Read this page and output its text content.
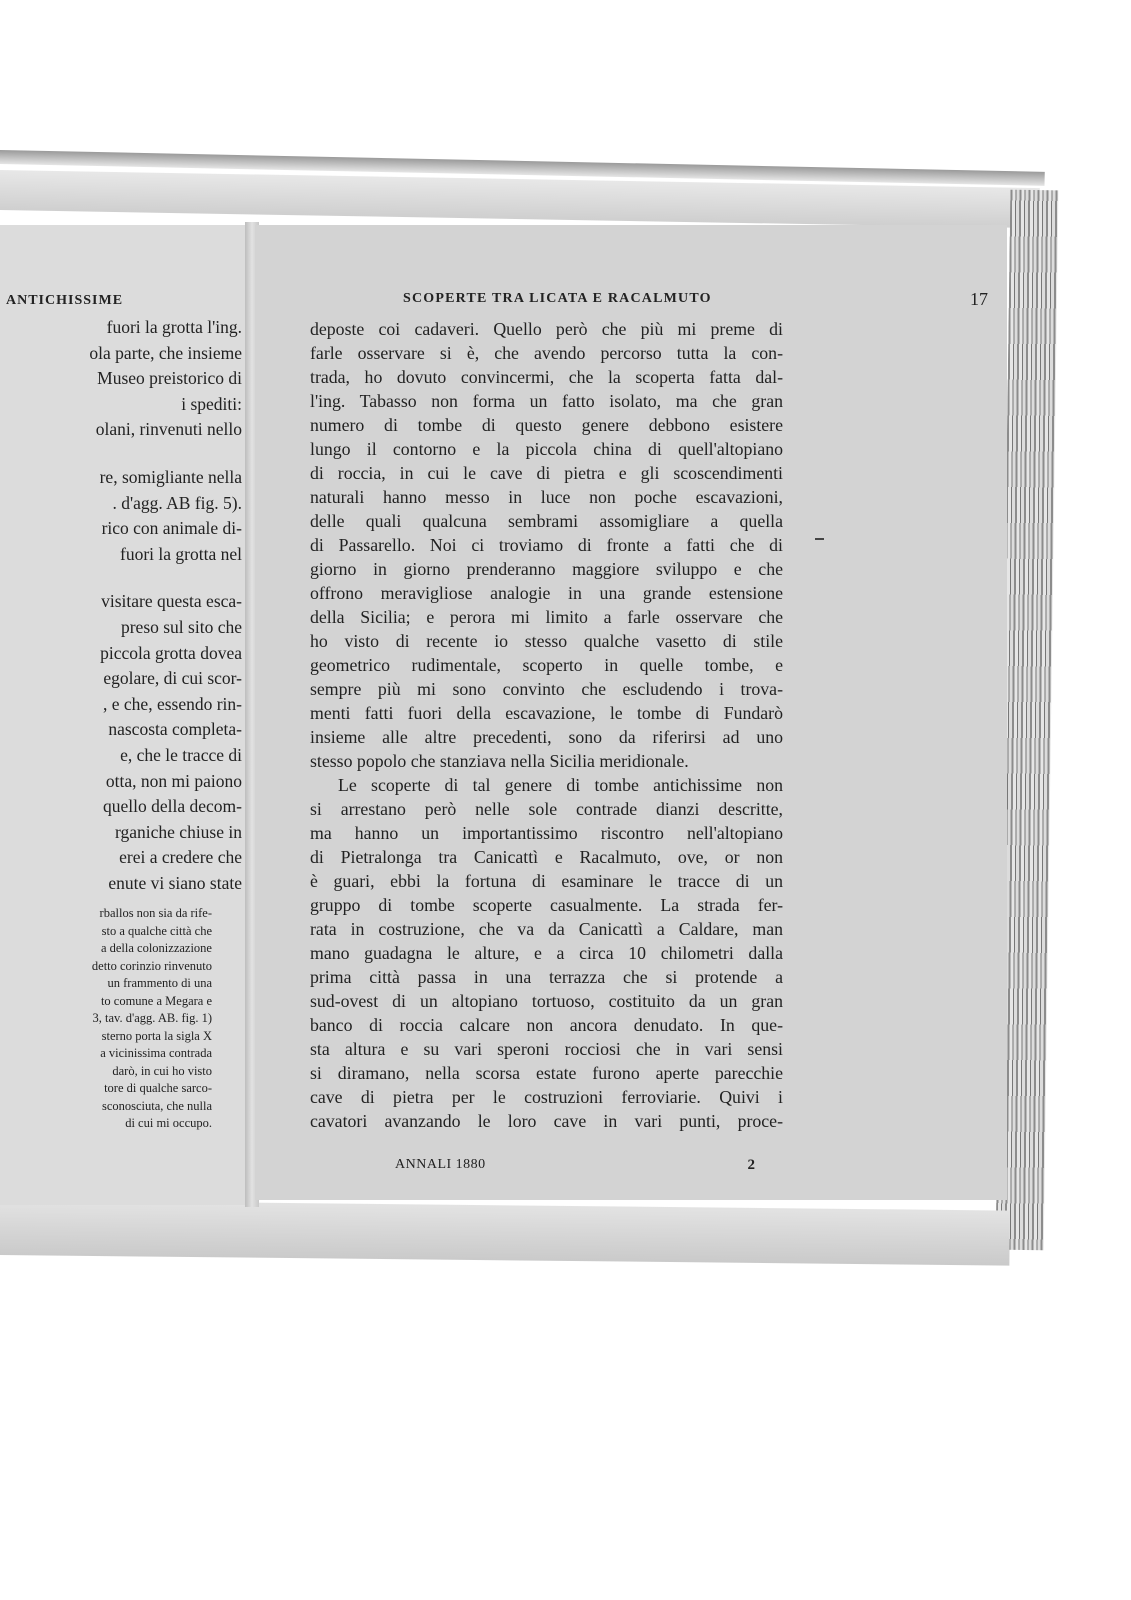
ANTICHISSIME
fuori la grotta l'ing.
ola parte, che insieme
Museo preistorico di
i spediti:
olani, rinvenuti nello
re, somigliante nella
. d'agg. AB fig. 5).
rico con animale di-
fuori la grotta nel
visitare questa esca-
preso sul sito che
piccola grotta dovea
egolare, di cui scor-
, e che, essendo rin-
nascosta completa-
e, che le tracce di
otta, non mi paiono
quello della decom-
rganiche chiuse in
erei a credere che
enute vi siano state
rballos non sia da rife-
sto a qualche città che
a della colonizzazione
detto corinzio rinvenuto
un frammento di una
to comune a Megara e
3, tav. d'agg. AB. fig. 1)
sterno porta la sigla X
a vicinissima contrada
darò, in cui ho visto
tore di qualche sarco-
sconosciuta, che nulla
di cui mi occupo.
SCOPERTE TRA LICATA E RACALMUTO	17
deposte coi cadaveri. Quello però che più mi preme di
farle osservare si è, che avendo percorso tutta la con-
trada, ho dovuto convincermi, che la scoperta fatta dal-
l'ing. Tabasso non forma un fatto isolato, ma che gran
numero di tombe di questo genere debbono esistere
lungo il contorno e la piccola china di quell'altopiano
di roccia, in cui le cave di pietra e gli scoscendimenti
naturali hanno messo in luce non poche escavazioni,
delle quali qualcuna sembrami assomigliare a quella
di Passarello. Noi ci troviamo di fronte a fatti che di
giorno in giorno prenderanno maggiore sviluppo e che
offrono meravigliose analogie in una grande estensione
della Sicilia; e perora mi limito a farle osservare che
ho visto di recente io stesso qualche vasetto di stile
geometrico rudimentale, scoperto in quelle tombe, e
sempre più mi sono convinto che escludendo i trova-
menti fatti fuori della escavazione, le tombe di Fundarò
insieme alle altre precedenti, sono da riferirsi ad uno
stesso popolo che stanziava nella Sicilia meridionale.
Le scoperte di tal genere di tombe antichissime non
si arrestano però nelle sole contrade dianzi descritte,
ma hanno un importantissimo riscontro nell'altopiano
di Pietralonga tra Canicattì e Racalmuto, ove, or non
è guari, ebbi la fortuna di esaminare le tracce di un
gruppo di tombe scoperte casualmente. La strada fer-
rata in costruzione, che va da Canicattì a Caldare, man
mano guadagna le alture, e a circa 10 chilometri dalla
prima città passa in una terrazza che si protende a
sud-ovest di un altopiano tortuoso, costituito da un gran
banco di roccia calcare non ancora denudato. In que-
sta altura e su vari speroni rocciosi che in vari sensi
si diramano, nella scorsa estate furono aperte parecchie
cave di pietra per le costruzioni ferroviarie. Quivi i
cavatori avanzando le loro cave in vari punti, proce-
ANNALI 1880	2
